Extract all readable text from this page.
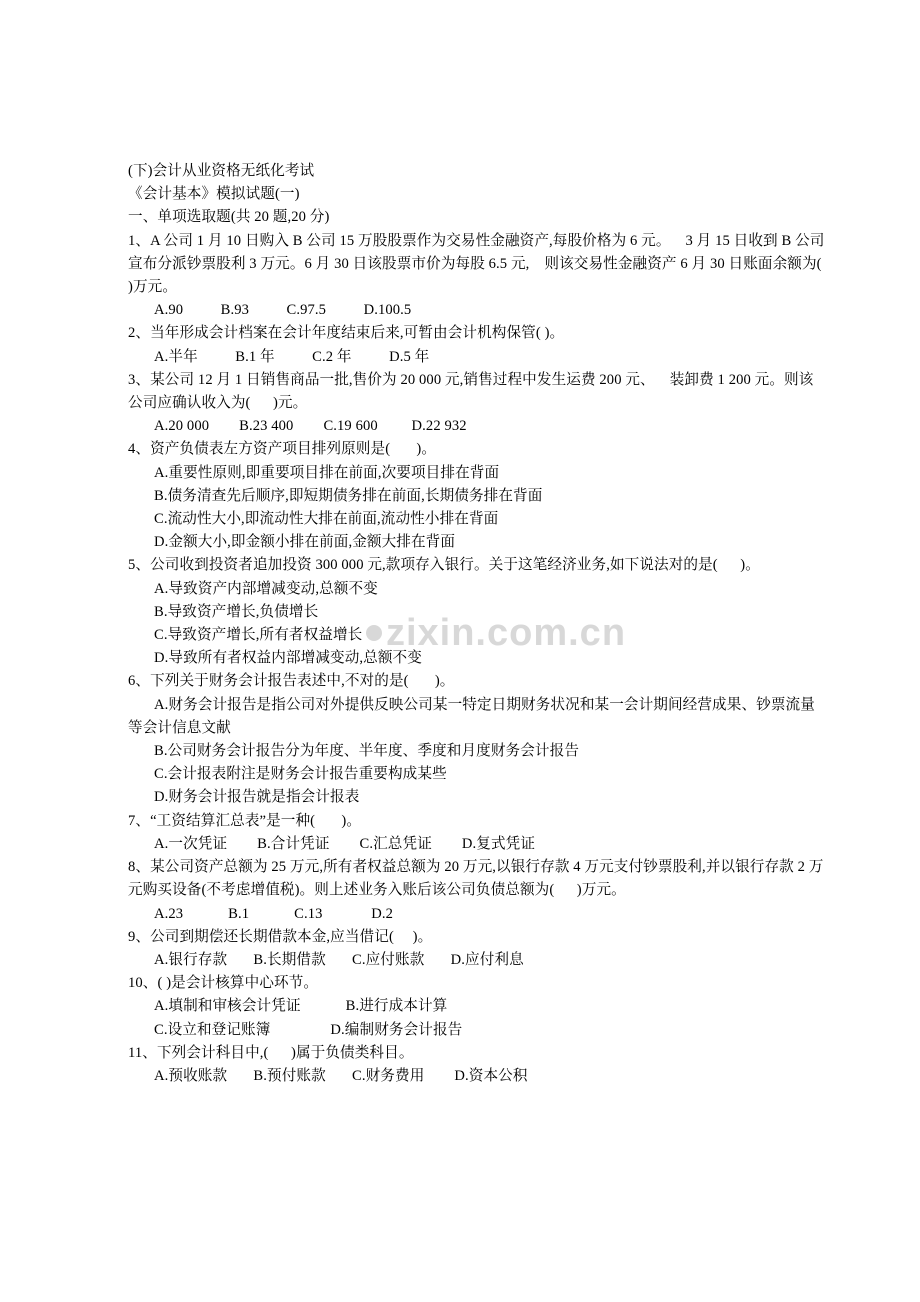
zixin.com.cn
(下)会计从业资格无纸化考试
《会计基本》模拟试题(一)
一、单项选取题(共 20 题,20 分)
1、A 公司 1 月 10 日购入 B 公司 15 万股股票作为交易性金融资产,每股价格为 6 元。    3 月 15 日收到 B 公司宣布分派钞票股利 3 万元。6 月 30 日该股票市价为每股 6.5 元,    则该交易性金融资产 6 月 30 日账面余额为( )万元。
A.90	B.93	C.97.5	D.100.5
2、当年形成会计档案在会计年度结束后来,可暂由会计机构保管( )。
A.半年	B.1 年	C.2 年	D.5 年
3、某公司 12 月 1 日销售商品一批,售价为 20 000 元,销售过程中发生运费 200 元、    装卸费 1 200 元。则该公司应确认收入为(      )元。
A.20 000 B.23 400 C.19 600 D.22 932
4、资产负债表左方资产项目排列原则是(       )。
A.重要性原则,即重要项目排在前面,次要项目排在背面
B.债务清查先后顺序,即短期债务排在前面,长期债务排在背面
C.流动性大小,即流动性大排在前面,流动性小排在背面
D.金额大小,即金额小排在前面,金额大排在背面
5、公司收到投资者追加投资 300 000 元,款项存入银行。关于这笔经济业务,如下说法对的是(      )。
A.导致资产内部增减变动,总额不变
B.导致资产增长,负债增长
C.导致资产增长,所有者权益增长
D.导致所有者权益内部增减变动,总额不变
6、下列关于财务会计报告表述中,不对的是(       )。
A.财务会计报告是指公司对外提供反映公司某一特定日期财务状况和某一会计期间经营成果、钞票流量等会计信息文献
B.公司财务会计报告分为年度、半年度、季度和月度财务会计报告
C.会计报表附注是财务会计报告重要构成某些
D.财务会计报告就是指会计报表
7、“工资结算汇总表”是一种(       )。
A.一次凭证 B.合计凭证 C.汇总凭证 D.复式凭证
8、某公司资产总额为 25 万元,所有者权益总额为 20 万元,以银行存款 4 万元支付钞票股利,并以银行存款 2 万元购买设备(不考虑增值税)。则上述业务入账后该公司负债总额为(      )万元。
A.23	B.1	C.13	D.2
9、公司到期偿还长期借款本金,应当借记(     )。
A.银行存款 B.长期借款 C.应付账款 D.应付利息
10、( )是会计核算中心环节。
A.填制和审核会计凭证            B.进行成本计算
C.设立和登记账簿                D.编制财务会计报告
11、下列会计科目中,(      )属于负债类科目。
A.预收账款 B.预付账款 C.财务费用 D.资本公积
